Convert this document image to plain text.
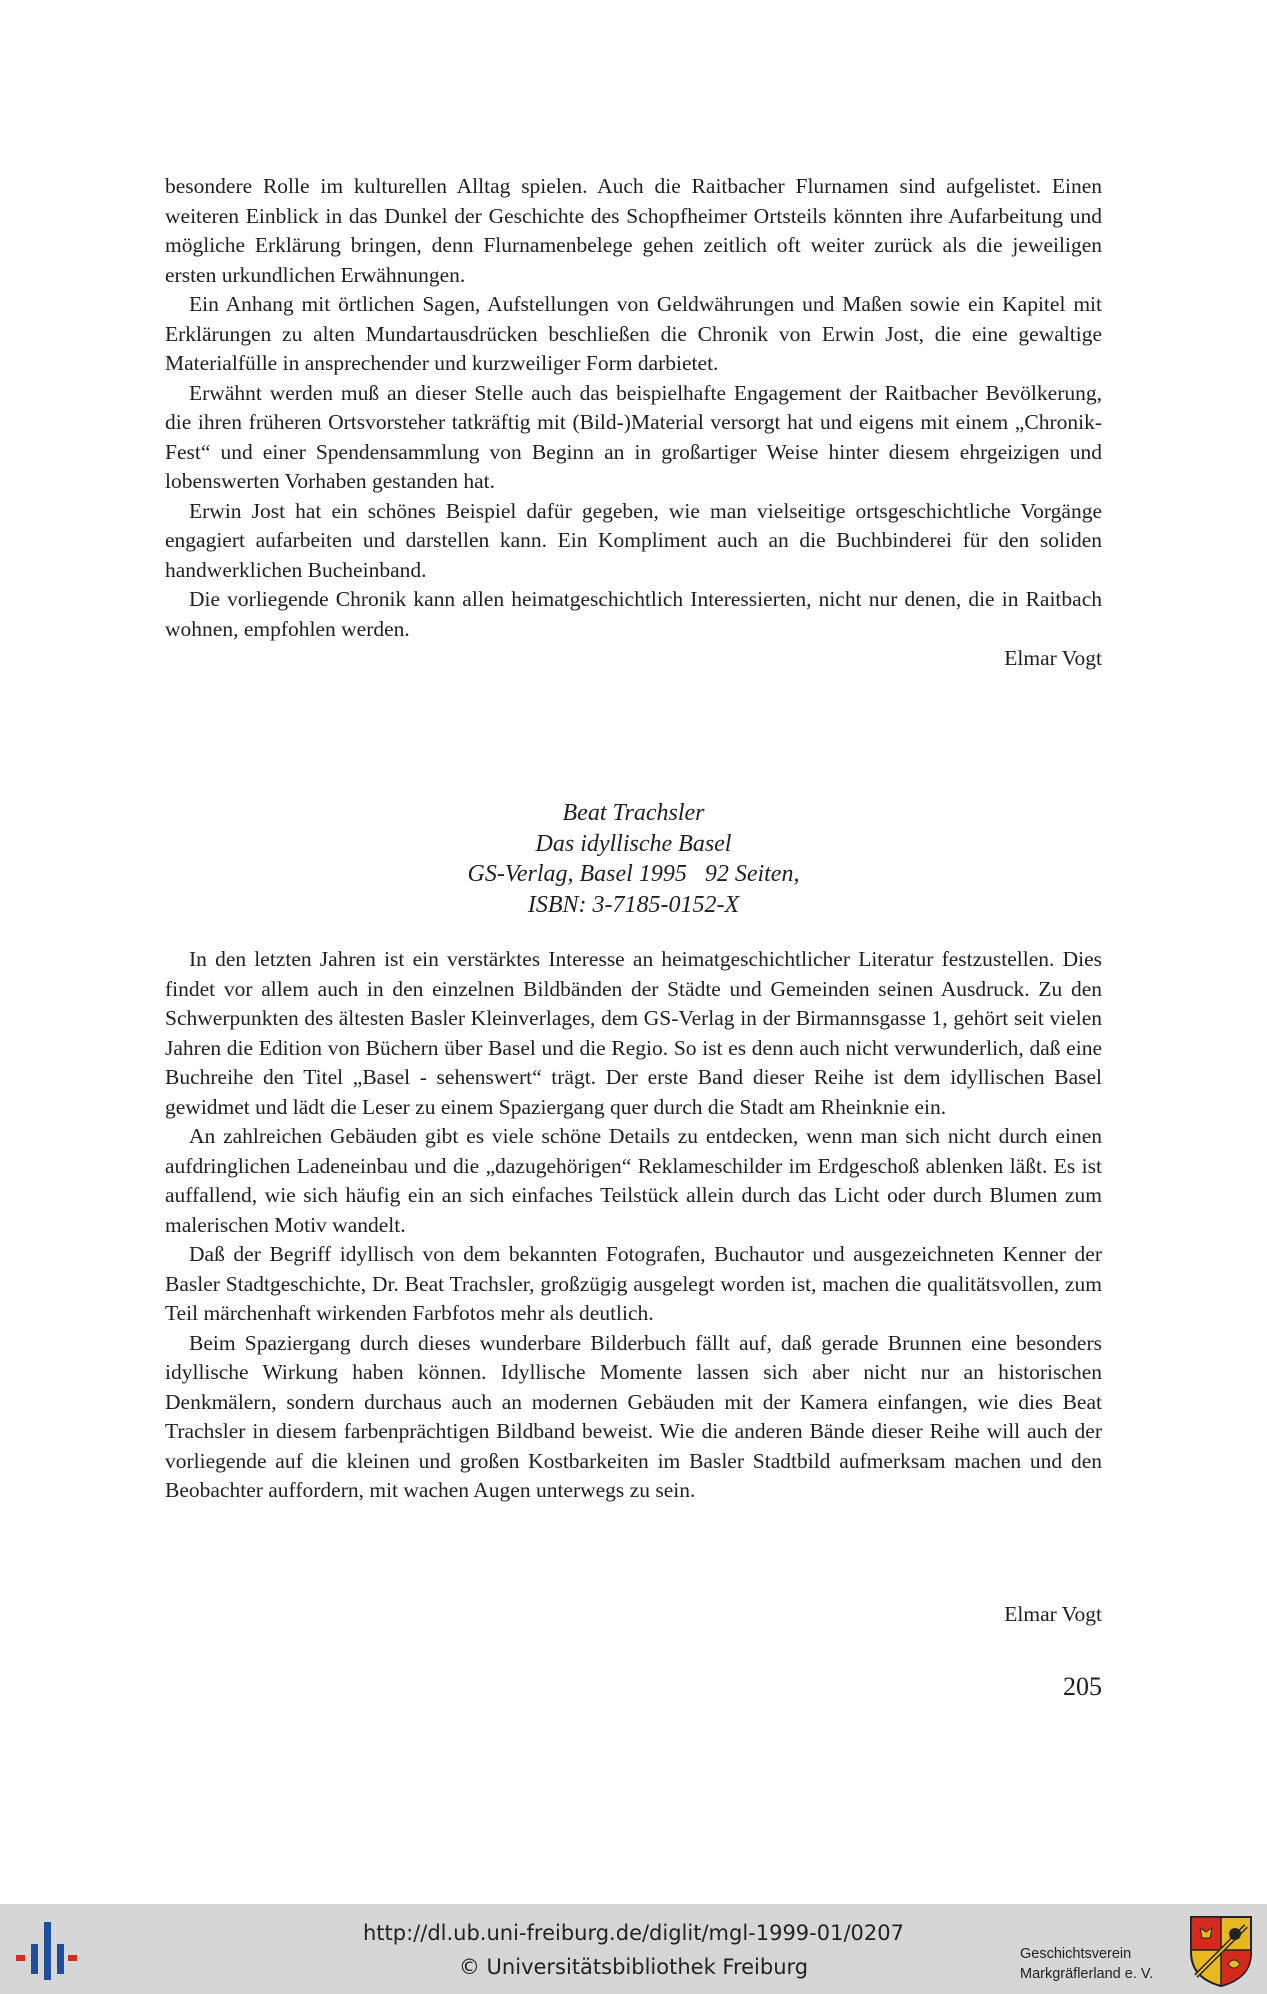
besondere Rolle im kulturellen Alltag spielen. Auch die Raitbacher Flurnamen sind aufgelistet. Einen weiteren Einblick in das Dunkel der Geschichte des Schopfheimer Ortsteils könnten ihre Aufarbeitung und mögliche Erklärung bringen, denn Flurnamenbelege gehen zeitlich oft weiter zurück als die jeweiligen ersten urkundlichen Erwähnungen.

Ein Anhang mit örtlichen Sagen, Aufstellungen von Geldwährungen und Maßen sowie ein Kapitel mit Erklärungen zu alten Mundartausdrücken beschließen die Chronik von Erwin Jost, die eine gewaltige Materialfülle in ansprechender und kurzweiliger Form darbietet.

Erwähnt werden muß an dieser Stelle auch das beispielhafte Engagement der Raitbacher Bevölkerung, die ihren früheren Ortsvorsteher tatkräftig mit (Bild-)Material versorgt hat und eigens mit einem „Chronik-Fest“ und einer Spendensammlung von Beginn an in großartiger Weise hinter diesem ehrgeizigen und lobenswerten Vorhaben gestanden hat.

Erwin Jost hat ein schönes Beispiel dafür gegeben, wie man vielseitige ortsgeschichtliche Vorgänge engagiert aufarbeiten und darstellen kann. Ein Kompliment auch an die Buchbinderei für den soliden handwerklichen Bucheinband.

Die vorliegende Chronik kann allen heimatgeschichtlich Interessierten, nicht nur denen, die in Raitbach wohnen, empfohlen werden.

Elmar Vogt
Beat Trachsler
Das idyllische Basel
GS-Verlag, Basel 1995   92 Seiten,
ISBN: 3-7185-0152-X

In den letzten Jahren ist ein verstärktes Interesse an heimatgeschichtlicher Literatur festzustellen. Dies findet vor allem auch in den einzelnen Bildbänden der Städte und Gemeinden seinen Ausdruck. Zu den Schwerpunkten des ältesten Basler Kleinverlages, dem GS-Verlag in der Birmannsgasse 1, gehört seit vielen Jahren die Edition von Büchern über Basel und die Regio. So ist es denn auch nicht verwunderlich, daß eine Buchreihe den Titel „Basel - sehenswert“ trägt. Der erste Band dieser Reihe ist dem idyllischen Basel gewidmet und lädt die Leser zu einem Spaziergang quer durch die Stadt am Rheinknie ein.

An zahlreichen Gebäuden gibt es viele schöne Details zu entdecken, wenn man sich nicht durch einen aufdringlichen Ladeneinbau und die „dazugehörigen“ Reklameschilder im Erdgeschoß ablenken läßt. Es ist auffallend, wie sich häufig ein an sich einfaches Teilstück allein durch das Licht oder durch Blumen zum malerischen Motiv wandelt.

Daß der Begriff idyllisch von dem bekannten Fotografen, Buchautor und ausgezeichneten Kenner der Basler Stadtgeschichte, Dr. Beat Trachsler, großzügig ausgelegt worden ist, machen die qualitätsvollen, zum Teil märchenhaft wirkenden Farbfotos mehr als deutlich.

Beim Spaziergang durch dieses wunderbare Bilderbuch fällt auf, daß gerade Brunnen eine besonders idyllische Wirkung haben können. Idyllische Momente lassen sich aber nicht nur an historischen Denkmälern, sondern durchaus auch an modernen Gebäuden mit der Kamera einfangen, wie dies Beat Trachsler in diesem farbenprächtigen Bildband beweist. Wie die anderen Bände dieser Reihe will auch der vorliegende auf die kleinen und großen Kostbarkeiten im Basler Stadtbild aufmerksam machen und den Beobachter auffordern, mit wachen Augen unterwegs zu sein.

Elmar Vogt
205
http://dl.ub.uni-freiburg.de/diglit/mgl-1999-01/0207
© Universitätsbibliothek Freiburg
Geschichtsverein
Markgräflerland e. V.
